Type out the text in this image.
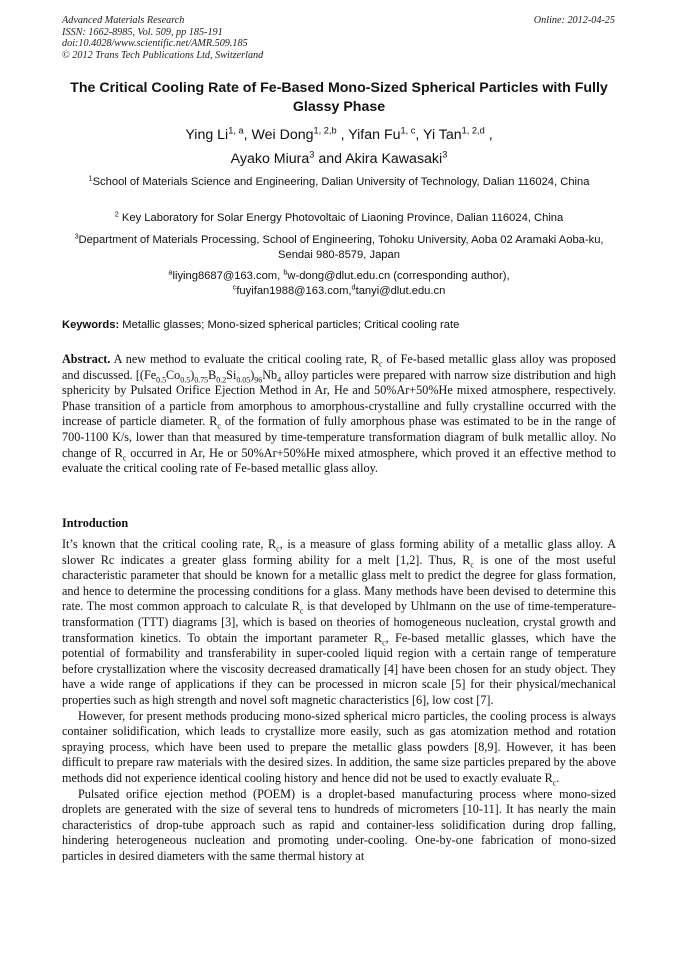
Advanced Materials Research
ISSN: 1662-8985, Vol. 509, pp 185-191
doi:10.4028/www.scientific.net/AMR.509.185
© 2012 Trans Tech Publications Ltd, Switzerland
Online: 2012-04-25
The Critical Cooling Rate of Fe-Based Mono-Sized Spherical Particles with Fully Glassy Phase
Ying Li$^{1, a}$, Wei Dong$^{1, 2,b}$ , Yifan Fu$^{1, c}$, Yi Tan$^{1, 2,d}$ ,
Ayako Miura$^3$ and Akira Kawasaki$^3$
$^1$School of Materials Science and Engineering, Dalian University of Technology, Dalian 116024, China
$^2$ Key Laboratory for Solar Energy Photovoltaic of Liaoning Province, Dalian 116024, China
$^3$Department of Materials Processing, School of Engineering, Tohoku University, Aoba 02 Aramaki Aoba-ku, Sendai 980-8579, Japan
$^a$liying8687@163.com, $^b$w-dong@dlut.edu.cn (corresponding author),
$^c$fuyifan1988@163.com,$^d$tanyi@dlut.edu.cn
Keywords: Metallic glasses; Mono-sized spherical particles; Critical cooling rate
Abstract. A new method to evaluate the critical cooling rate, $R_c$ of Fe-based metallic glass alloy was proposed and discussed. $[(Fe_{0.5}Co_{0.5})_{0.75}B_{0.2}Si_{0.05})_{96}Nb_4$ alloy particles were prepared with narrow size distribution and high sphericity by Pulsated Orifice Ejection Method in Ar, He and 50%Ar+50%He mixed atmosphere, respectively. Phase transition of a particle from amorphous to amorphous-crystalline and fully crystalline occurred with the increase of particle diameter. $R_c$ of the formation of fully amorphous phase was estimated to be in the range of 700-1100 K/s, lower than that measured by time-temperature transformation diagram of bulk metallic alloy. No change of $R_c$ occurred in Ar, He or 50%Ar+50%He mixed atmosphere, which proved it an effective method to evaluate the critical cooling rate of Fe-based metallic glass alloy.
Introduction

It’s known that the critical cooling rate, $R_c$, is a measure of glass forming ability of a metallic glass alloy. A slower Rc indicates a greater glass forming ability for a melt [1,2]. Thus, $R_c$ is one of the most useful characteristic parameter that should be known for a metallic glass melt to predict the degree for glass formation, and hence to determine the processing conditions for a glass. Many methods have been devised to determine this rate. The most common approach to calculate $R_c$ is that developed by Uhlmann on the use of time-temperature- transformation (TTT) diagrams [3], which is based on theories of homogeneous nucleation, crystal growth and transformation kinetics. To obtain the important parameter $R_c$, Fe-based metallic glasses, which have the potential of formability and transferability in super-cooled liquid region with a certain range of temperature before crystallization where the viscosity decreased dramatically [4] have been chosen for an study object. They have a wide range of applications if they can be processed in micron scale [5] for their physical/mechanical properties such as high strength and novel soft magnetic characteristics [6], low cost [7].

However, for present methods producing mono-sized spherical micro particles, the cooling process is always container solidification, which leads to crystallize more easily, such as gas atomization method and rotation spraying process, which have been used to prepare the metallic glass powders [8,9]. However, it has been difficult to prepare raw materials with the desired sizes. In addition, the same size particles prepared by the above methods did not experience identical cooling history and hence did not be used to exactly evaluate $R_c$.

Pulsated orifice ejection method (POEM) is a droplet-based manufacturing process where mono-sized droplets are generated with the size of several tens to hundreds of micrometers [10-11]. It has nearly the main characteristics of drop-tube approach such as rapid and container-less solidification during drop falling, hindering heterogeneous nucleation and promoting under-cooling. One-by-one fabrication of mono-sized particles in desired diameters with the same thermal history at
